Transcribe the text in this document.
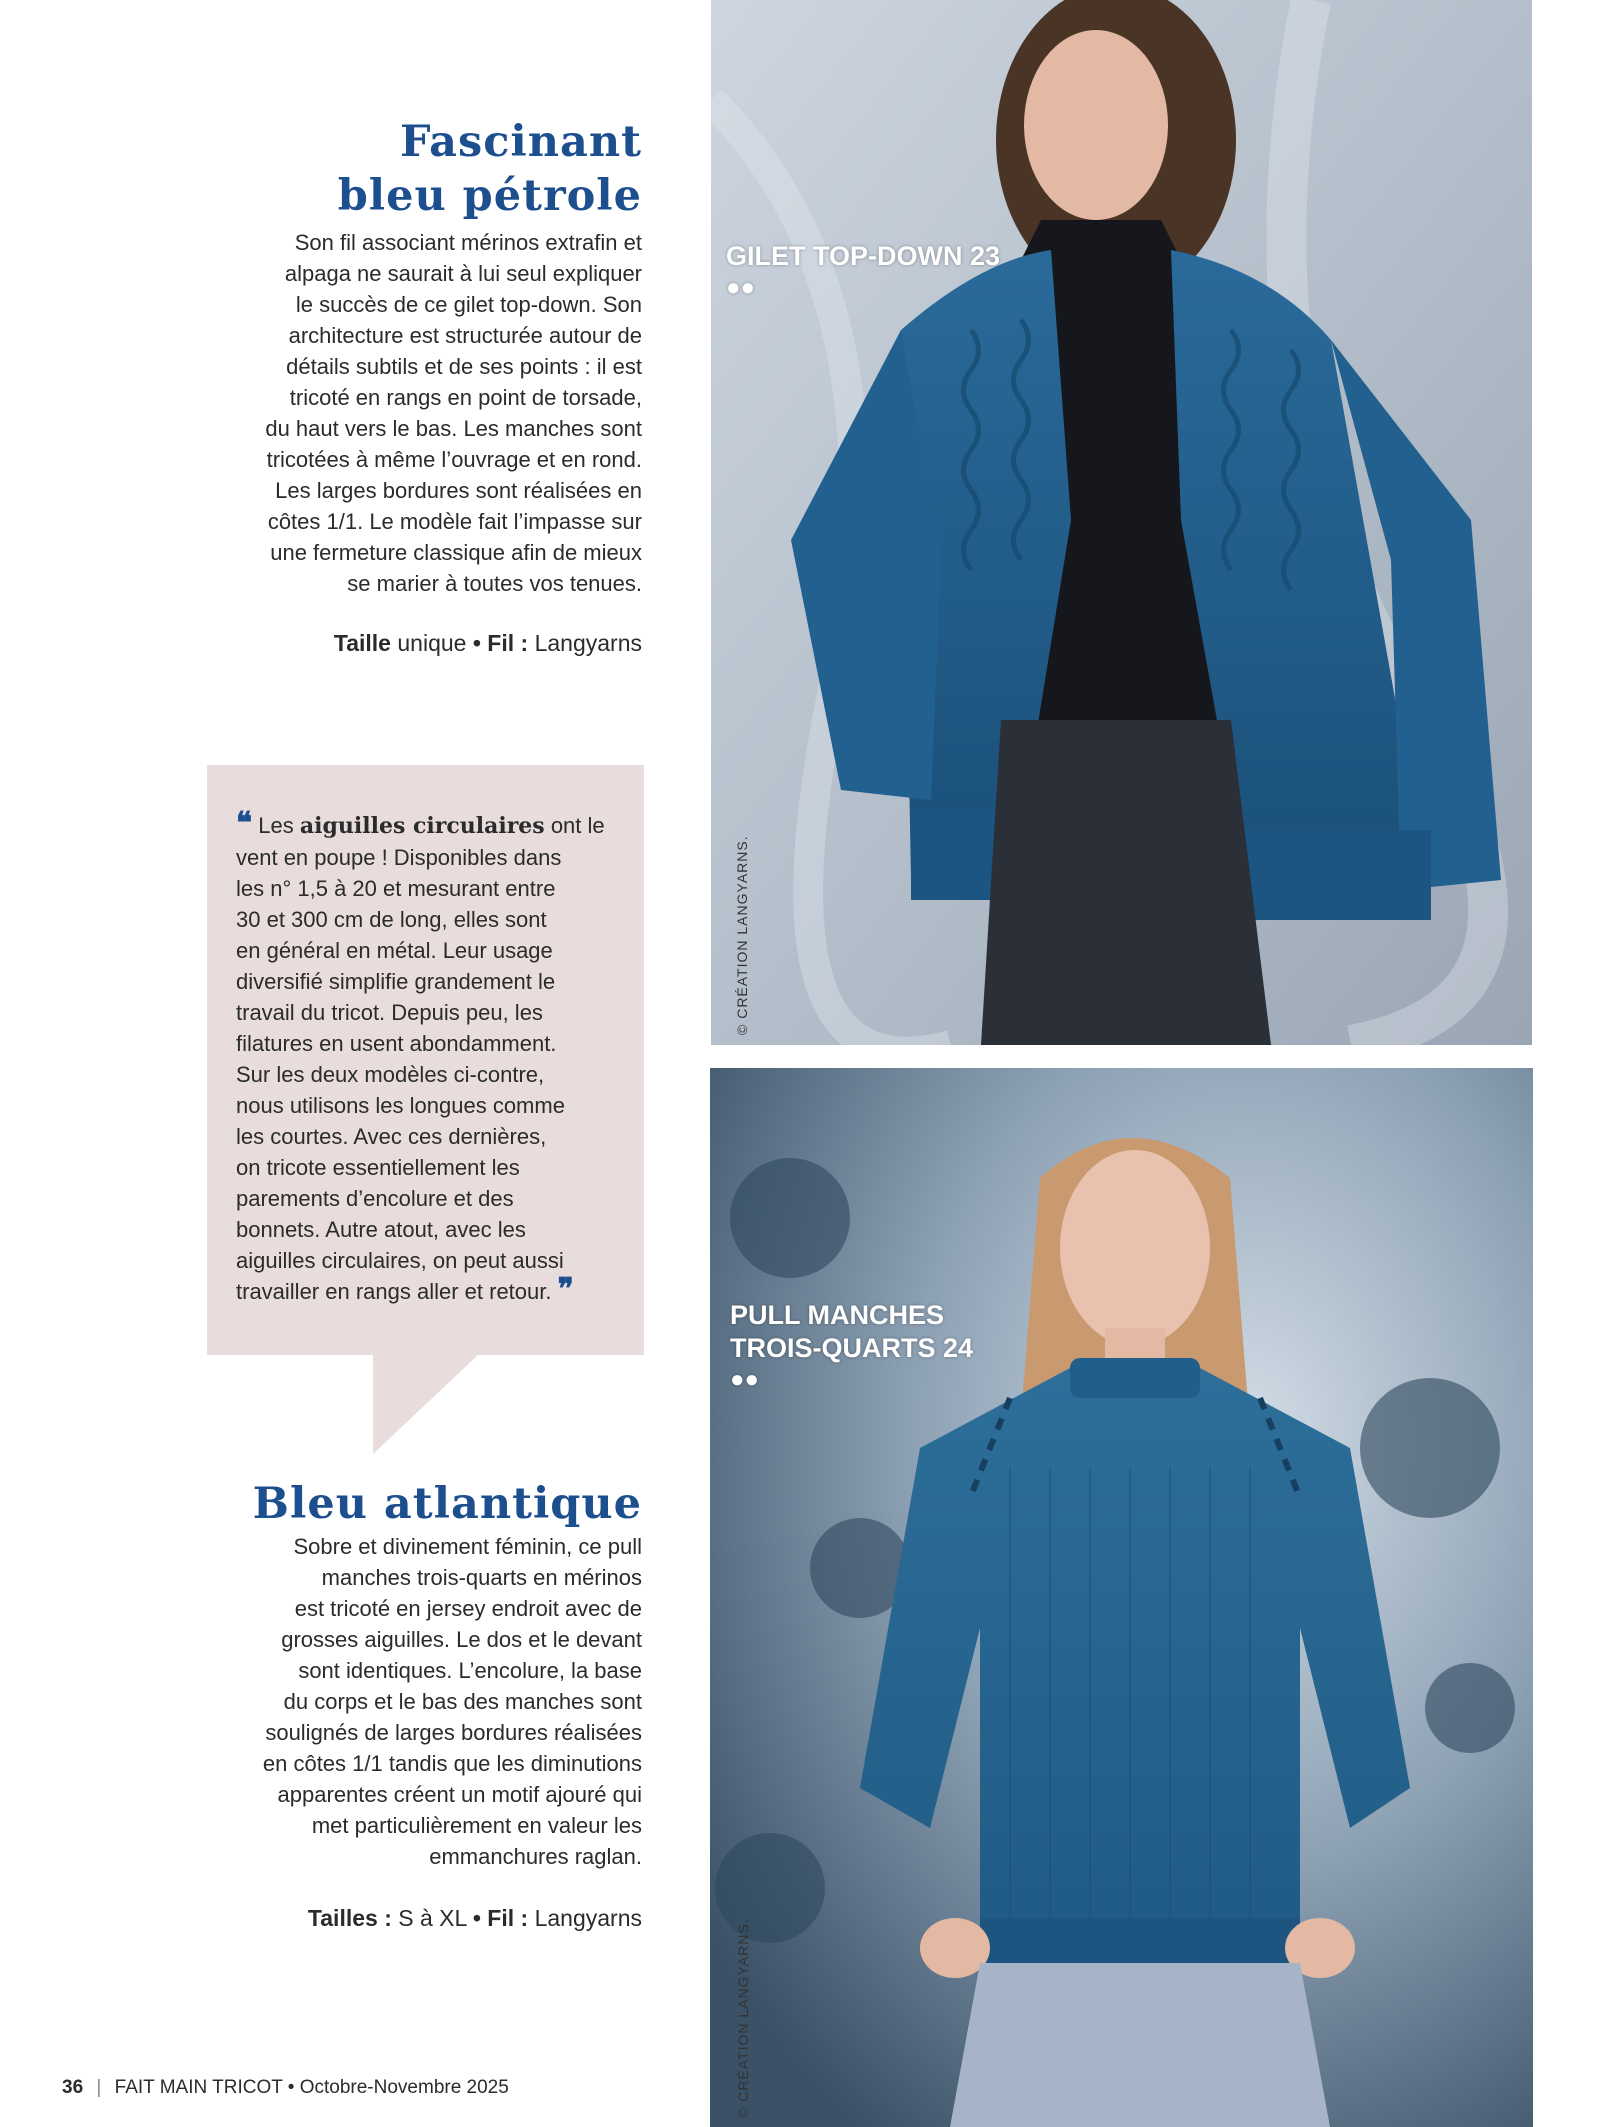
Fascinant
bleu pétrole
Son fil associant mérinos extrafin et
alpaga ne saurait à lui seul expliquer
le succès de ce gilet top-down. Son
architecture est structurée autour de
détails subtils et de ses points : il est
tricoté en rangs en point de torsade,
du haut vers le bas. Les manches sont
tricotées à même l’ouvrage et en rond.
Les larges bordures sont réalisées en
côtes 1/1. Le modèle fait l’impasse sur
une fermeture classique afin de mieux
se marier à toutes vos tenues.
Taille unique • Fil : Langyarns
❝ Les aiguilles circulaires ont le
vent en poupe ! Disponibles dans
les n° 1,5 à 20 et mesurant entre
30 et 300 cm de long, elles sont
en général en métal. Leur usage
diversifié simplifie grandement le
travail du tricot. Depuis peu, les
filatures en usent abondamment.
Sur les deux modèles ci-contre,
nous utilisons les longues comme
les courtes. Avec ces dernières,
on tricote essentiellement les
parements d’encolure et des
bonnets. Autre atout, avec les
aiguilles circulaires, on peut aussi
travailler en rangs aller et retour. ❞
Bleu atlantique
Sobre et divinement féminin, ce pull
manches trois-quarts en mérinos
est tricoté en jersey endroit avec de
grosses aiguilles. Le dos et le devant
sont identiques. L’encolure, la base
du corps et le bas des manches sont
soulignés de larges bordures réalisées
en côtes 1/1 tandis que les diminutions
apparentes créent un motif ajouré qui
met particulièrement en valeur les
emmanchures raglan.
Tailles : S à XL • Fil : Langyarns
GILET TOP-DOWN 23
●●
© CRÉATION LANGYARNS.
PULL MANCHES
TROIS-QUARTS 24
●●
© CRÉATION LANGYARNS.
36 | FAIT MAIN TRICOT • Octobre-Novembre 2025
